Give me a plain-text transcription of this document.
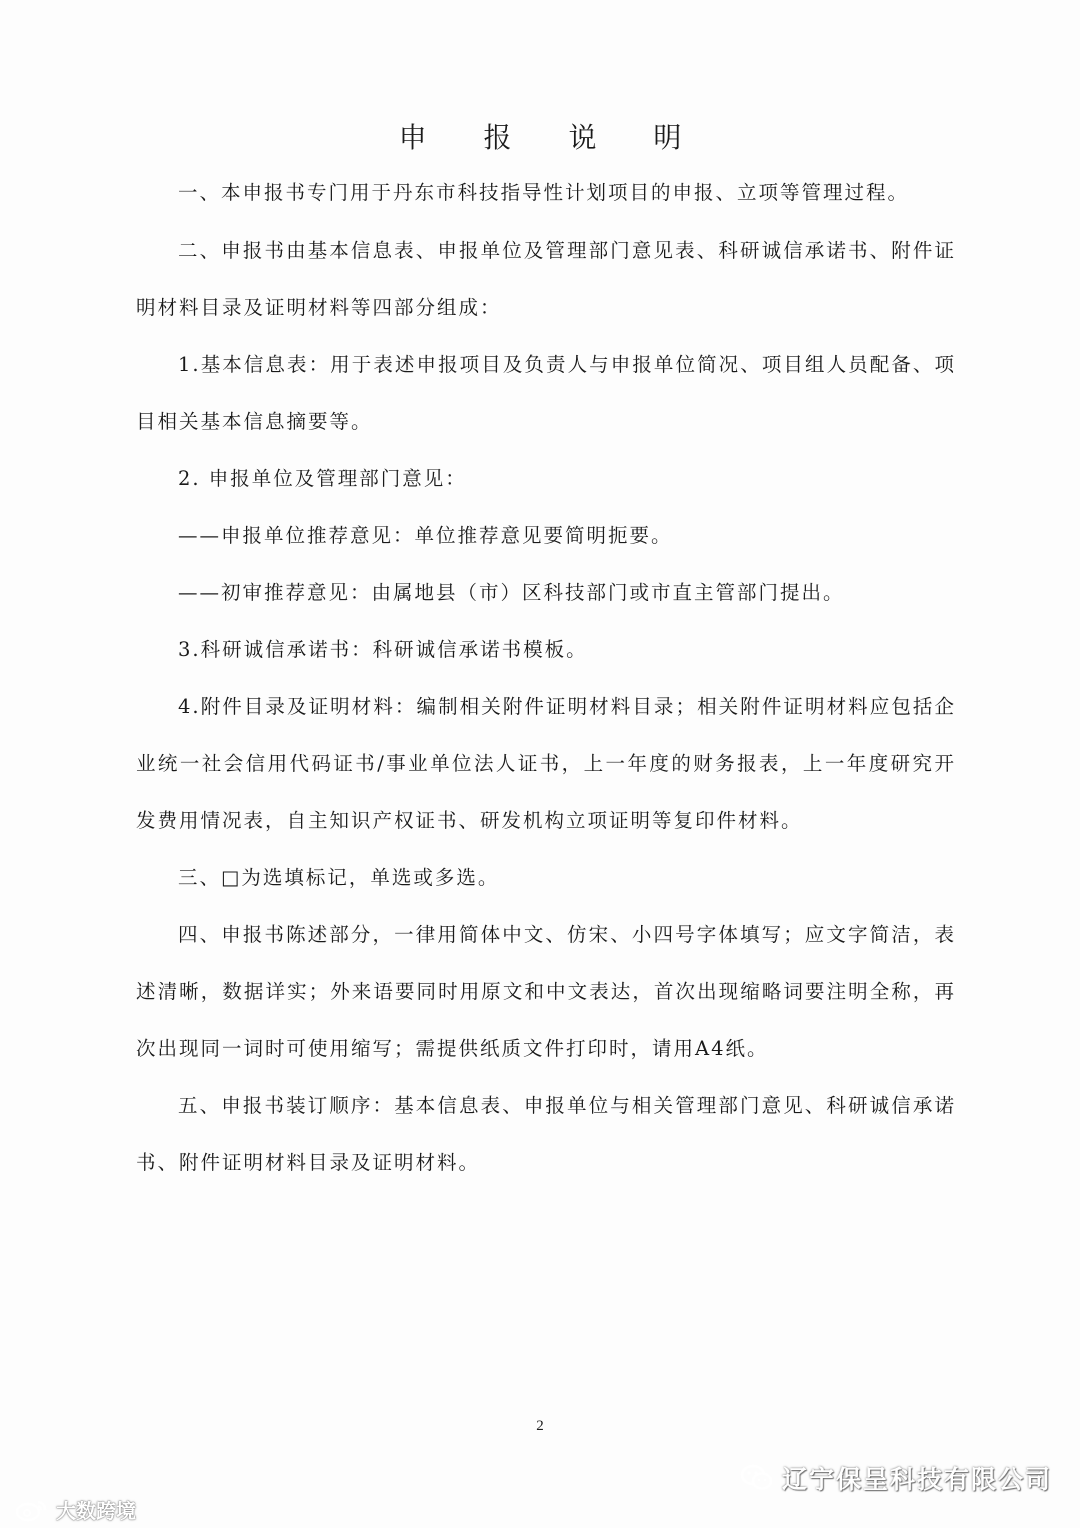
申 报 说 明

一、本申报书专门用于丹东市科技指导性计划项目的申报、立项等管理过程。

二、申报书由基本信息表、申报单位及管理部门意见表、科研诚信承诺书、附件证明材料目录及证明材料等四部分组成：

1.基本信息表：用于表述申报项目及负责人与申报单位简况、项目组人员配备、项目相关基本信息摘要等。

2. 申报单位及管理部门意见：

——申报单位推荐意见：单位推荐意见要简明扼要。

——初审推荐意见：由属地县（市）区科技部门或市直主管部门提出。

3.科研诚信承诺书：科研诚信承诺书模板。

4.附件目录及证明材料：编制相关附件证明材料目录；相关附件证明材料应包括企业统一社会信用代码证书/事业单位法人证书，上一年度的财务报表，上一年度研究开发费用情况表，自主知识产权证书、研发机构立项证明等复印件材料。

三、□为选填标记，单选或多选。

四、申报书陈述部分，一律用简体中文、仿宋、小四号字体填写；应文字简洁，表述清晰，数据详实；外来语要同时用原文和中文表达，首次出现缩略词要注明全称，再次出现同一词时可使用缩写；需提供纸质文件打印时，请用A4纸。

五、申报书装订顺序：基本信息表、申报单位与相关管理部门意见、科研诚信承诺书、附件证明材料目录及证明材料。

2
大数跨境
辽宁保呈科技有限公司
